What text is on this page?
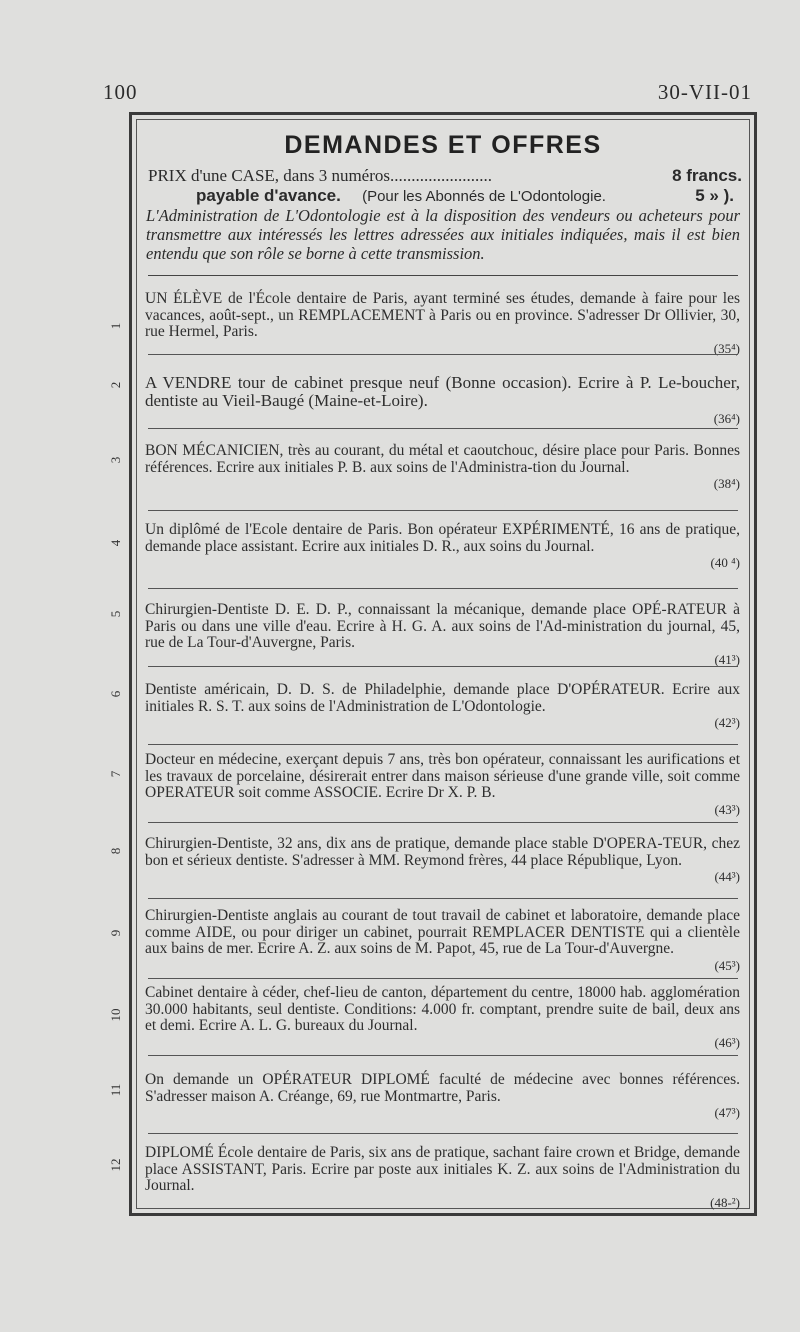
100	30-VII-01
DEMANDES ET OFFRES
PRIX d'une CASE, dans 3 numéros........................	8 francs.
payable d'avance. (Pour les Abonnés de L'Odontologie.	5 » ).
L'Administration de L'Odontologie est à la disposition des vendeurs ou acheteurs pour transmettre aux intéressés les lettres adressées aux initiales indiquées, mais il est bien entendu que son rôle se borne à cette transmission.

UN ÉLÈVE de l'École dentaire de Paris, ayant terminé ses études, demande à faire pour les vacances, août-sept., un REMPLACEMENT à Paris ou en province. S'adresser Dr Ollivier, 30, rue Hermel, Paris.

(35⁴)

A VENDRE tour de cabinet presque neuf (Bonne occasion). Ecrire à P. Le-boucher, dentiste au Vieil-Baugé (Maine-et-Loire).

(36⁴)

BON MÉCANICIEN, très au courant, du métal et caoutchouc, désire place pour Paris. Bonnes références. Ecrire aux initiales P. B. aux soins de l'Administra-tion du Journal.

(38⁴)

Un diplômé de l'Ecole dentaire de Paris. Bon opérateur EXPÉRIMENTÉ, 16 ans de pratique, demande place assistant. Ecrire aux initiales D. R., aux soins du Journal.

(40 ⁴)

Chirurgien-Dentiste D. E. D. P., connaissant la mécanique, demande place OPÉ-RATEUR à Paris ou dans une ville d'eau. Ecrire à H. G. A. aux soins de l'Ad-ministration du journal, 45, rue de La Tour-d'Auvergne, Paris.

(41³)

Dentiste américain, D. D. S. de Philadelphie, demande place D'OPÉRATEUR. Ecrire aux initiales R. S. T. aux soins de l'Administration de L'Odontologie.

(42³)

Docteur en médecine, exerçant depuis 7 ans, très bon opérateur, connaissant les aurifications et les travaux de porcelaine, désirerait entrer dans maison sérieuse d'une grande ville, soit comme OPERATEUR soit comme ASSOCIE. Ecrire Dr X. P. B.

(43³)

Chirurgien-Dentiste, 32 ans, dix ans de pratique, demande place stable D'OPERA-TEUR, chez bon et sérieux dentiste. S'adresser à MM. Reymond frères, 44 place République, Lyon.

(44³)

Chirurgien-Dentiste anglais au courant de tout travail de cabinet et laboratoire, demande place comme AIDE, ou pour diriger un cabinet, pourrait REMPLACER DENTISTE qui a clientèle aux bains de mer. Ecrire A. Z. aux soins de M. Papot, 45, rue de La Tour-d'Auvergne.

(45³)

Cabinet dentaire à céder, chef-lieu de canton, département du centre, 18000 hab. agglomération 30.000 habitants, seul dentiste. Conditions: 4.000 fr. comptant, prendre suite de bail, deux ans et demi. Ecrire A. L. G. bureaux du Journal.

(46³)

On demande un OPÉRATEUR DIPLOMÉ faculté de médecine avec bonnes références. S'adresser maison A. Créange, 69, rue Montmartre, Paris.

(47³)

DIPLOMÉ École dentaire de Paris, six ans de pratique, sachant faire crown et Bridge, demande place ASSISTANT, Paris. Ecrire par poste aux initiales K. Z. aux soins de l'Administration du Journal.

(48-²)
1
2
3
4
5
6
7
8
9
10
11
12
